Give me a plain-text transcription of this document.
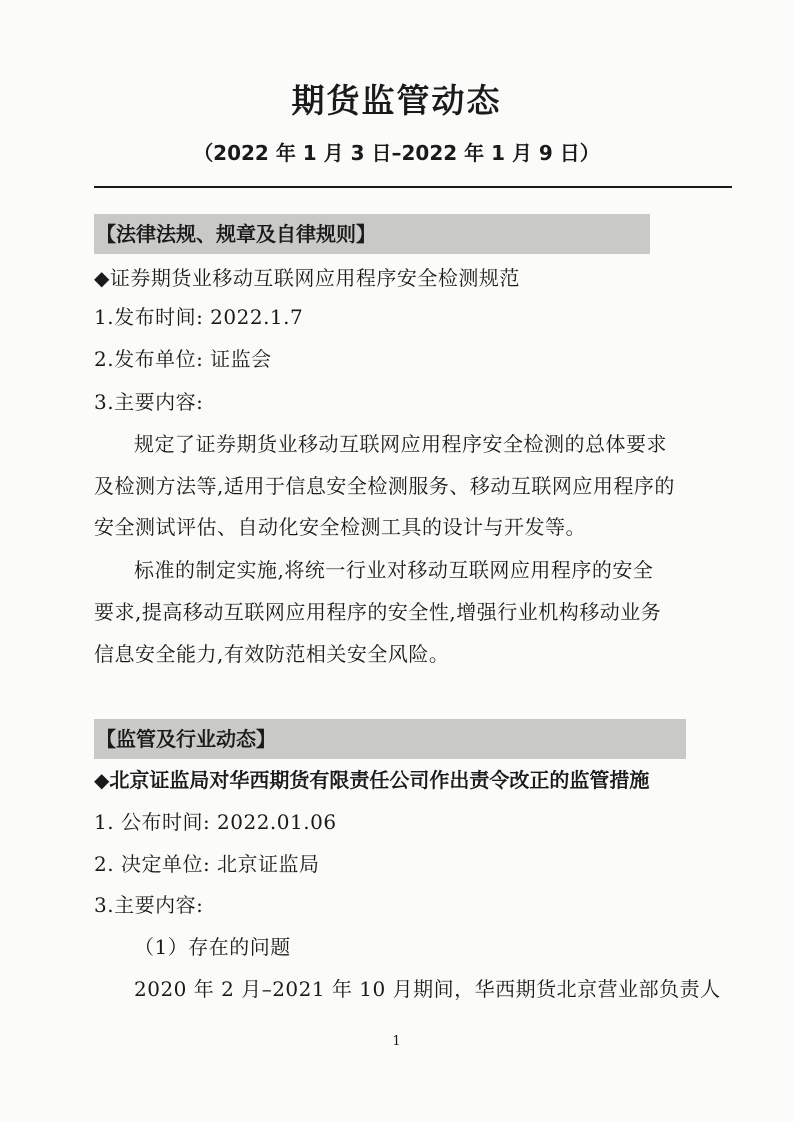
期货监管动态
（2022 年 1 月 3 日–2022 年 1 月 9 日）
【法律法规、规章及自律规则】
◆证券期货业移动互联网应用程序安全检测规范
1.发布时间: 2022.1.7
2.发布单位: 证监会
3.主要内容:
规定了证券期货业移动互联网应用程序安全检测的总体要求
及检测方法等,适用于信息安全检测服务、移动互联网应用程序的
安全测试评估、自动化安全检测工具的设计与开发等。
标准的制定实施,将统一行业对移动互联网应用程序的安全
要求,提高移动互联网应用程序的安全性,增强行业机构移动业务
信息安全能力,有效防范相关安全风险。
【监管及行业动态】
◆北京证监局对华西期货有限责任公司作出责令改正的监管措施
1. 公布时间: 2022.01.06
2. 决定单位: 北京证监局
3.主要内容:
（1）存在的问题
2020 年 2 月–2021 年 10 月期间，华西期货北京营业部负责人
1
